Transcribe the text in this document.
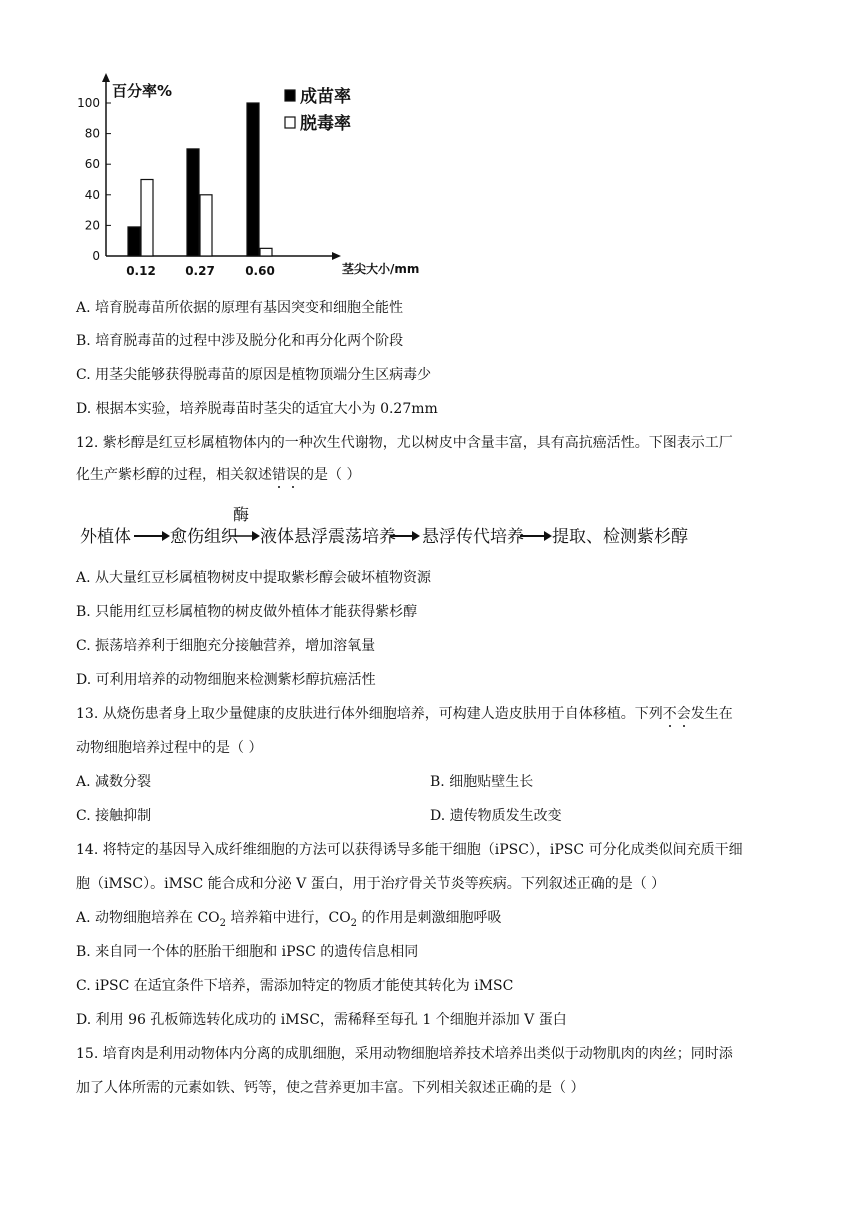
百分率%
茎尖大小/mm
0
20
40
60
80
100
0.12 0.27	0.60
成苗率
脱毒率
A. 培育脱毒苗所依据的原理有基因突变和细胞全能性
B. 培育脱毒苗的过程中涉及脱分化和再分化两个阶段
C. 用茎尖能够获得脱毒苗的原因是植物顶端分生区病毒少
D. 根据本实验，培养脱毒苗时茎尖的适宜大小为 0.27mm
12. 紫杉醇是红豆杉属植物体内的一种次生代谢物，尤以树皮中含量丰富，具有高抗癌活性。下图表示工厂
化生产紫杉醇的过程，相关叙述错误的是（ ）
外植体 愈伤组织
酶
液体悬浮震荡培养 悬浮传代培养 提取、检测紫杉醇
A. 从大量红豆杉属植物树皮中提取紫杉醇会破坏植物资源
B. 只能用红豆杉属植物的树皮做外植体才能获得紫杉醇
C. 振荡培养利于细胞充分接触营养，增加溶氧量
D. 可利用培养的动物细胞来检测紫杉醇抗癌活性
13. 从烧伤患者身上取少量健康的皮肤进行体外细胞培养，可构建人造皮肤用于自体移植。下列不会发生在
动物细胞培养过程中的是（ ）
A. 减数分裂	B. 细胞贴壁生长
C. 接触抑制	D. 遗传物质发生改变
14. 将特定的基因导入成纤维细胞的方法可以获得诱导多能干细胞（iPSC），iPSC 可分化成类似间充质干细
胞（iMSC）。iMSC 能合成和分泌 V 蛋白，用于治疗骨关节炎等疾病。下列叙述正确的是（ ）
A. 动物细胞培养在 $CO_2$ 培养箱中进行，$CO_2$ 的作用是刺激细胞呼吸
B. 来自同一个体的胚胎干细胞和 iPSC 的遗传信息相同
C. iPSC 在适宜条件下培养，需添加特定的物质才能使其转化为 iMSC
D. 利用 96 孔板筛选转化成功的 iMSC，需稀释至每孔 1 个细胞并添加 V 蛋白
15. 培育肉是利用动物体内分离的成肌细胞，采用动物细胞培养技术培养出类似于动物肌肉的肉丝；同时添
加了人体所需的元素如铁、钙等，使之营养更加丰富。下列相关叙述正确的是（ ）
